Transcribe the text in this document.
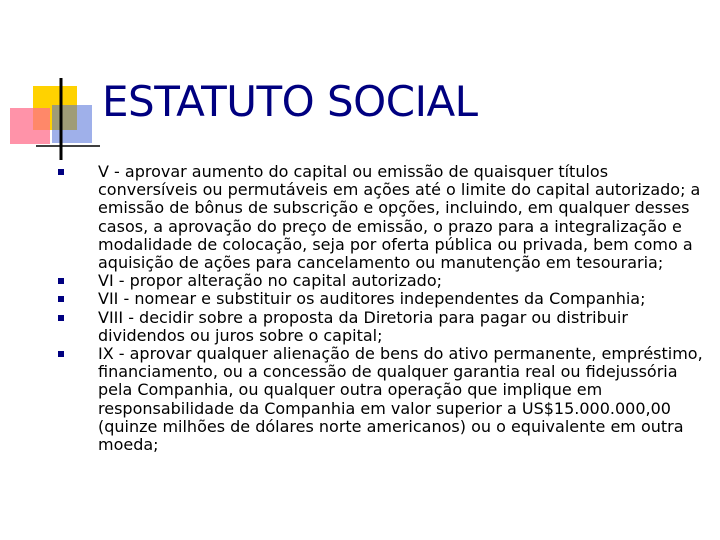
ESTATUTO SOCIAL
V - aprovar aumento do capital ou emissão de quaisquer títulos conversíveis ou permutáveis em ações até o limite do capital autorizado; a emissão de bônus de subscrição e opções, incluindo, em qualquer desses casos, a aprovação do preço de emissão, o prazo para a integralização e modalidade de colocação, seja por oferta pública ou privada, bem como a aquisição de ações para cancelamento ou manutenção em tesouraria;
VI - propor alteração no capital autorizado;
VII - nomear e substituir os auditores independentes da Companhia;
VIII - decidir sobre a proposta da Diretoria para pagar ou distribuir dividendos ou juros sobre o capital;
IX - aprovar qualquer alienação de bens do ativo permanente, empréstimo, financiamento, ou a concessão de qualquer garantia real ou fidejussória pela Companhia, ou qualquer outra operação que implique em responsabilidade da Companhia em valor superior a US$15.000.000,00 (quinze milhões de dólares norte americanos) ou o equivalente em outra moeda;
